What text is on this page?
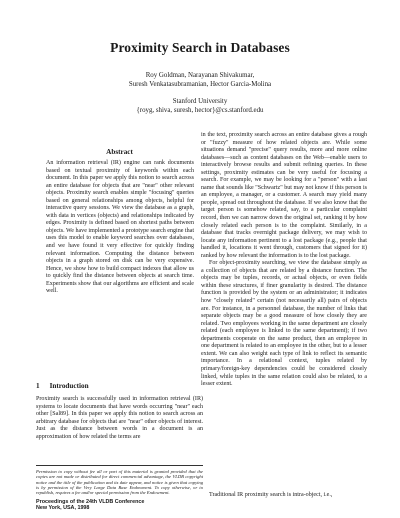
Proximity Search in Databases
Roy Goldman, Narayanan Shivakumar,
Suresh Venkatasubramanian, Hector Garcia-Molina
Stanford University
{royg, shiva, suresh, hector}@cs.stanford.edu
Abstract
An information retrieval (IR) engine can rank documents based on textual proximity of keywords within each document. In this paper we apply this notion to search across an entire database for objects that are "near" other relevant objects. Proximity search enables simple "focusing" queries based on general relationships among objects, helpful for interactive query sessions. We view the database as a graph, with data in vertices (objects) and relationships indicated by edges. Proximity is defined based on shortest paths between objects. We have implemented a prototype search engine that uses this model to enable keyword searches over databases, and we have found it very effective for quickly finding relevant information. Computing the distance between objects in a graph stored on disk can be very expensive. Hence, we show how to build compact indexes that allow us to quickly find the distance between objects at search time. Experiments show that our algorithms are efficient and scale well.
1 Introduction
Proximity search is successfully used in information retrieval (IR) systems to locate documents that have words occurring "near" each other [Sal89]. In this paper we apply this notion to search across an arbitrary database for objects that are "near" other objects of interest. Just as the distance between words in a document is an approximation of how related the terms are
Permission to copy without fee all or part of this material is granted provided that the copies are not made or distributed for direct commercial advantage, the VLDB copyright notice and the title of the publication and its date appear, and notice is given that copying is by permission of the Very Large Data Base Endowment. To copy otherwise, or to republish, requires a fee and/or special permission from the Endowment.
Proceedings of the 24th VLDB Conference
New York, USA, 1998

in the text, proximity search across an entire database gives a rough or "fuzzy" measure of how related objects are. While some situations demand "precise" query results, more and more online databases—such as content databases on the Web—enable users to interactively browse results and submit refining queries. In these settings, proximity estimates can be very useful for focusing a search. For example, we may be looking for a "person" with a last name that sounds like "Schwartz" but may not know if this person is an employee, a manager, or a customer. A search may yield many people, spread out throughout the database. If we also know that the target person is somehow related, say, to a particular complaint record, then we can narrow down the original set, ranking it by how closely related each person is to the complaint. Similarly, in a database that tracks overnight package delivery, we may wish to locate any information pertinent to a lost package (e.g., people that handled it, locations it went through, customers that signed for it) ranked by how relevant the information is to the lost package.

For object-proximity searching, we view the database simply as a collection of objects that are related by a distance function. The objects may be tuples, records, or actual objects, or even fields within these structures, if finer granularity is desired. The distance function is provided by the system or an administrator; it indicates how "closely related" certain (not necessarily all) pairs of objects are. For instance, in a personnel database, the number of links that separate objects may be a good measure of how closely they are related. Two employees working in the same department are closely related (each employee is linked to the same department); if two departments cooperate on the same product, then an employee in one department is related to an employee in the other, but to a lesser extent. We can also weight each type of link to reflect its semantic importance. In a relational context, tuples related by primary/foreign-key dependencies could be considered closely linked, while tuples in the same relation could also be related, to a lesser extent.

Traditional IR proximity search is intra-object, i.e.,
